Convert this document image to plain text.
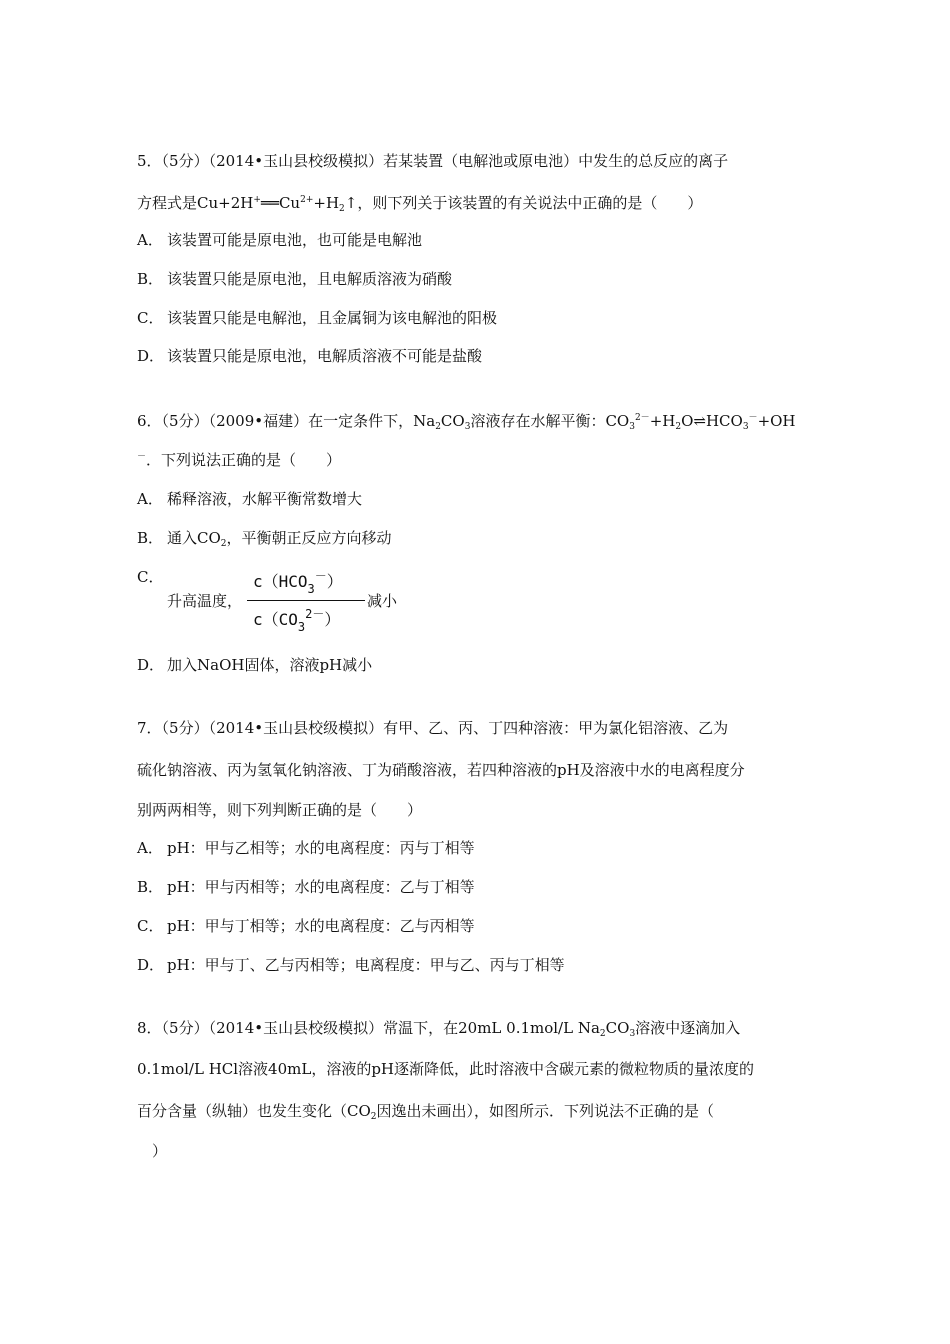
5．（5分）（2014•玉山县校级模拟）若某装置（电解池或原电池）中发生的总反应的离子
方程式是$Cu+2H^+══Cu^{2+}+H_2↑$，则下列关于该装置的有关说法中正确的是（　　）
A． 该装置可能是原电池，也可能是电解池
B． 该装置只能是原电池，且电解质溶液为硝酸
C． 该装置只能是电解池，且金属铜为该电解池的阳极
D． 该装置只能是原电池，电解质溶液不可能是盐酸
6．（5分）（2009•福建）在一定条件下，$Na_2CO_3$溶液存在水解平衡：$CO_3^{2-}+H_2O\rightleftharpoons HCO_3^-+OH$
－．下列说法正确的是（　　）
A． 稀释溶液，水解平衡常数增大
B． 通入$CO_2$，平衡朝正反应方向移动
C．
升高温度，
$c(HCO_3^-)$
$c(CO_3^{2-})$
减小
D． 加入NaOH固体，溶液pH减小
7．（5分）（2014•玉山县校级模拟）有甲、乙、丙、丁四种溶液：甲为氯化铝溶液、乙为
硫化钠溶液、丙为氢氧化钠溶液、丁为硝酸溶液，若四种溶液的pH及溶液中水的电离程度分
别两两相等，则下列判断正确的是（　　）
A． pH：甲与乙相等；水的电离程度：丙与丁相等
B． pH：甲与丙相等；水的电离程度：乙与丁相等
C． pH：甲与丁相等；水的电离程度：乙与丙相等
D． pH：甲与丁、乙与丙相等；电离程度：甲与乙、丙与丁相等
8．（5分）（2014•玉山县校级模拟）常温下，在20mL 0.1mol/L $Na_2CO_3$溶液中逐滴加入
0.1mol/L HCl溶液40mL，溶液的pH逐渐降低，此时溶液中含碳元素的微粒物质的量浓度的
百分含量（纵轴）也发生变化（$CO_2$因逸出未画出），如图所示．下列说法不正确的是（
　）
